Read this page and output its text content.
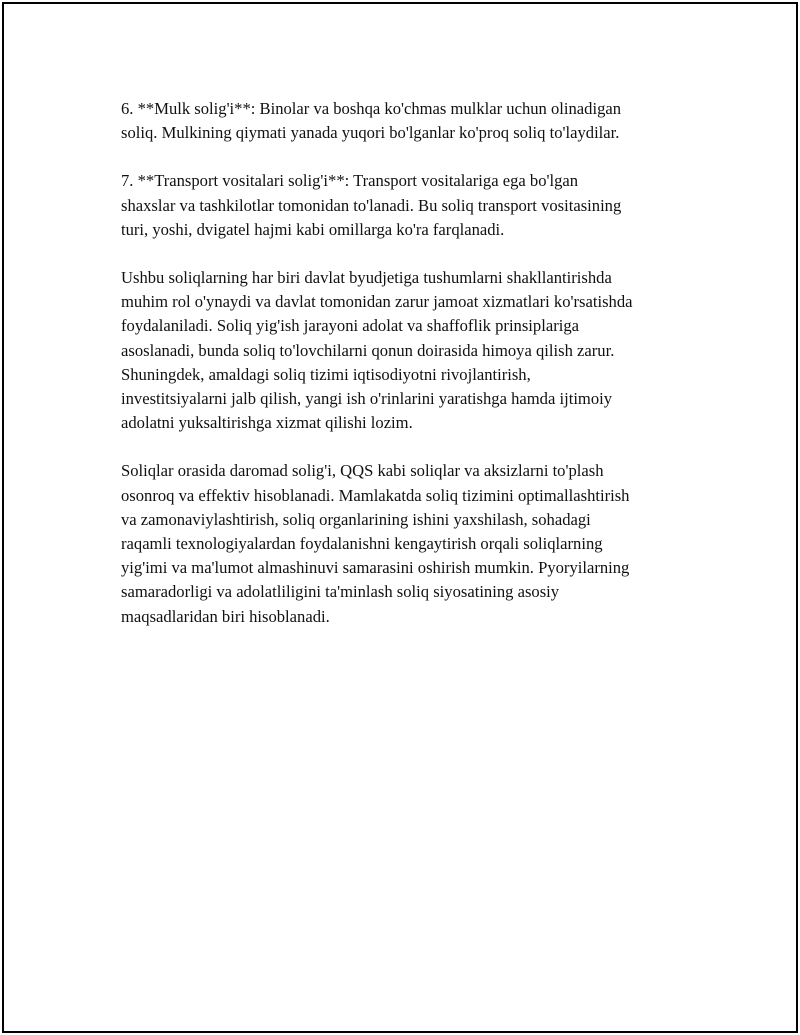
6. **Mulk solig'i**: Binolar va boshqa ko'chmas mulklar uchun olinadigan
soliq. Mulkining qiymati yanada yuqori bo'lganlar ko'proq soliq to'laydilar.

7. **Transport vositalari solig'i**: Transport vositalariga ega bo'lgan
shaxslar va tashkilotlar tomonidan to'lanadi. Bu soliq transport vositasining
turi, yoshi, dvigatel hajmi kabi omillarga ko'ra farqlanadi.

Ushbu soliqlarning har biri davlat byudjetiga tushumlarni shakllantirishda
muhim rol o'ynaydi va davlat tomonidan zarur jamoat xizmatlari ko'rsatishda
foydalaniladi. Soliq yig'ish jarayoni adolat va shaffoflik prinsiplariga
asoslanadi, bunda soliq to'lovchilarni qonun doirasida himoya qilish zarur.
Shuningdek, amaldagi soliq tizimi iqtisodiyotni rivojlantirish,
investitsiyalarni jalb qilish, yangi ish o'rinlarini yaratishga hamda ijtimoiy
adolatni yuksaltirishga xizmat qilishi lozim.

Soliqlar orasida daromad solig'i, QQS kabi soliqlar va aksizlarni to'plash
osonroq va effektiv hisoblanadi. Mamlakatda soliq tizimini optimallashtirish
va zamonaviylashtirish, soliq organlarining ishini yaxshilash, sohadagi
raqamli texnologiyalardan foydalanishni kengaytirish orqali soliqlarning
yig'imi va ma'lumot almashinuvi samarasini oshirish mumkin. Pyoryilarning
samaradorligi va adolatliligini ta'minlash soliq siyosatining asosiy
maqsadlaridan biri hisoblanadi.
